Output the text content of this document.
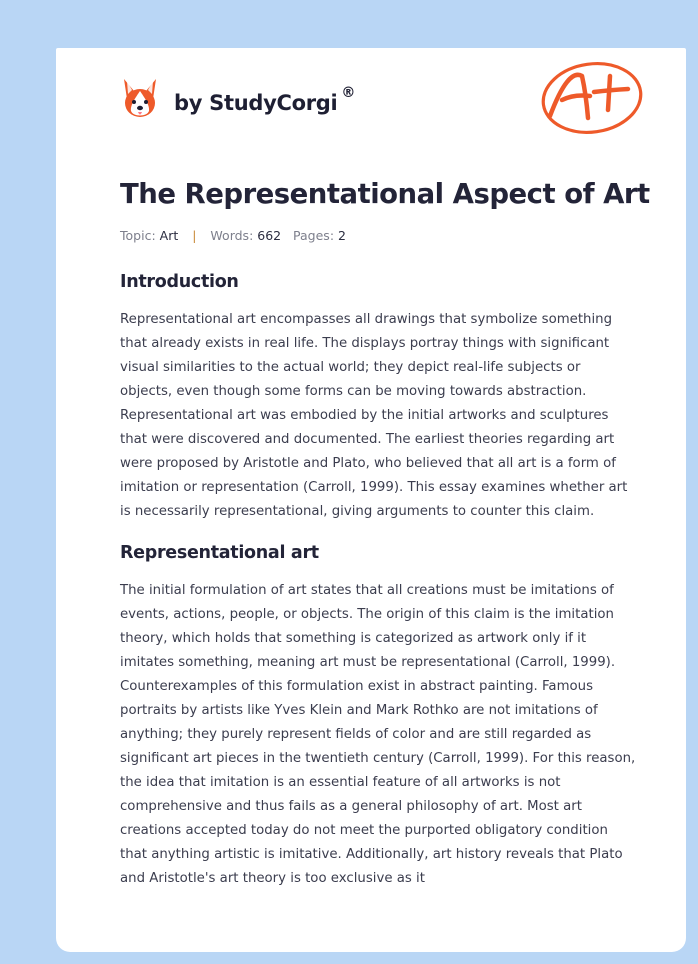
by StudyCorgi ®
The Representational Aspect of Art
Topic: Art | Words: 662 Pages: 2
Introduction

Representational art encompasses all drawings that symbolize something that already exists in real life. The displays portray things with significant visual similarities to the actual world; they depict real-life subjects or objects, even though some forms can be moving towards abstraction. Representational art was embodied by the initial artworks and sculptures that were discovered and documented. The earliest theories regarding art were proposed by Aristotle and Plato, who believed that all art is a form of imitation or representation (Carroll, 1999). This essay examines whether art is necessarily representational, giving arguments to counter this claim.

Representational art

The initial formulation of art states that all creations must be imitations of events, actions, people, or objects. The origin of this claim is the imitation theory, which holds that something is categorized as artwork only if it imitates something, meaning art must be representational (Carroll, 1999). Counterexamples of this formulation exist in abstract painting. Famous portraits by artists like Yves Klein and Mark Rothko are not imitations of anything; they purely represent fields of color and are still regarded as significant art pieces in the twentieth century (Carroll, 1999). For this reason, the idea that imitation is an essential feature of all artworks is not comprehensive and thus fails as a general philosophy of art. Most art creations accepted today do not meet the purported obligatory condition that anything artistic is imitative. Additionally, art history reveals that Plato and Aristotle's art theory is too exclusive as it
